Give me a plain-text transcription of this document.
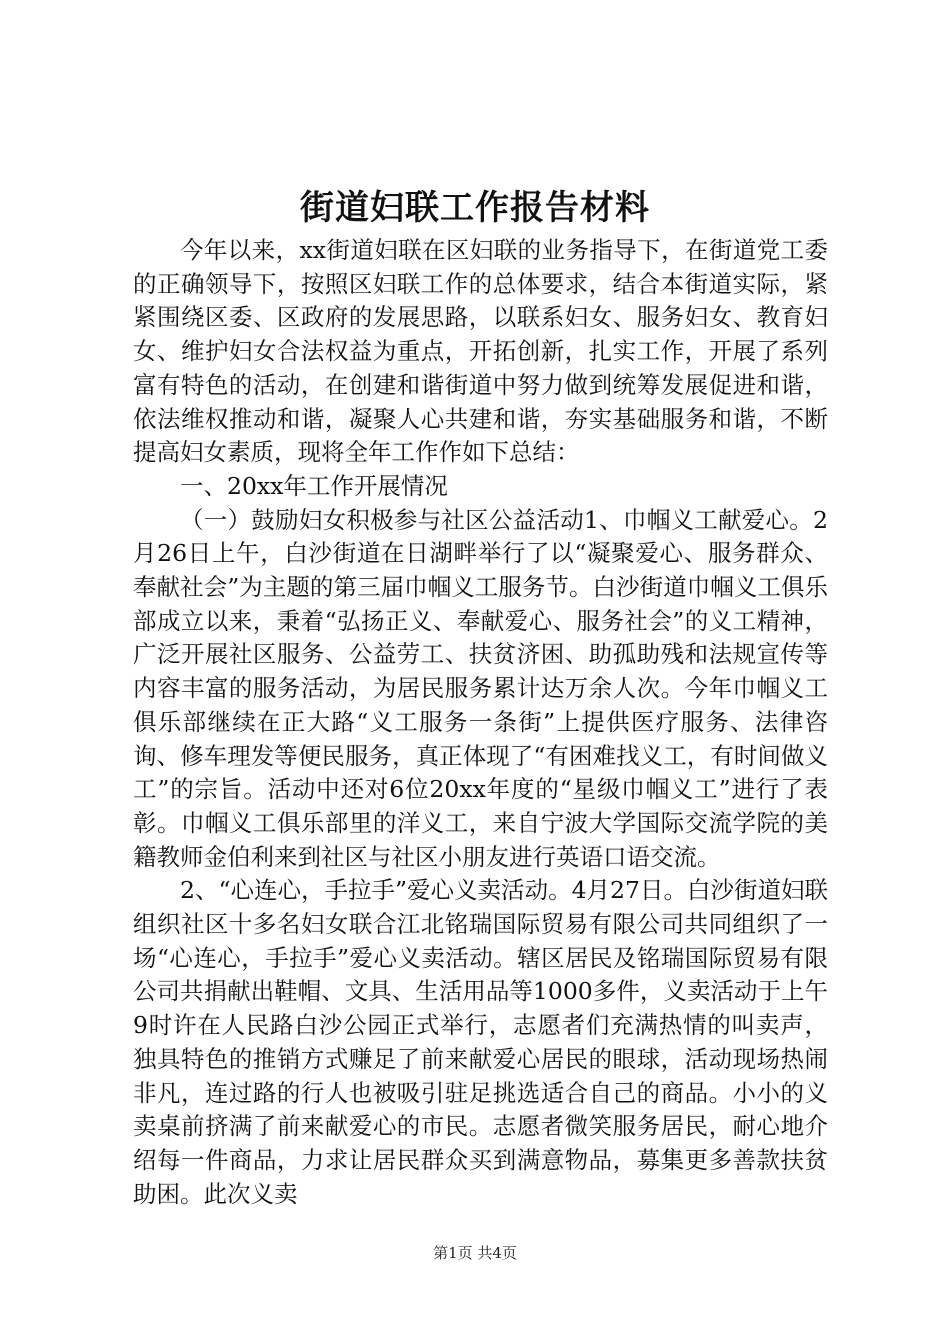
街道妇联工作报告材料

今年以来，xx街道妇联在区妇联的业务指导下，在街道党工委的正确领导下，按照区妇联工作的总体要求，结合本街道实际，紧紧围绕区委、区政府的发展思路，以联系妇女、服务妇女、教育妇女、维护妇女合法权益为重点，开拓创新，扎实工作，开展了系列富有特色的活动，在创建和谐街道中努力做到统筹发展促进和谐，依法维权推动和谐，凝聚人心共建和谐，夯实基础服务和谐，不断提高妇女素质，现将全年工作作如下总结：

一、20xx年工作开展情况

（一）鼓励妇女积极参与社区公益活动1、巾帼义工献爱心。2月26日上午，白沙街道在日湖畔举行了以“凝聚爱心、服务群众、奉献社会”为主题的第三届巾帼义工服务节。白沙街道巾帼义工俱乐部成立以来，秉着“弘扬正义、奉献爱心、服务社会”的义工精神，广泛开展社区服务、公益劳工、扶贫济困、助孤助残和法规宣传等内容丰富的服务活动，为居民服务累计达万余人次。今年巾帼义工俱乐部继续在正大路“义工服务一条街”上提供医疗服务、法律咨询、修车理发等便民服务，真正体现了“有困难找义工，有时间做义工”的宗旨。活动中还对6位20xx年度的“星级巾帼义工”进行了表彰。巾帼义工俱乐部里的洋义工，来自宁波大学国际交流学院的美籍教师金伯利来到社区与社区小朋友进行英语口语交流。

2、“心连心，手拉手”爱心义卖活动。4月27日。白沙街道妇联组织社区十多名妇女联合江北铭瑞国际贸易有限公司共同组织了一场“心连心，手拉手”爱心义卖活动。辖区居民及铭瑞国际贸易有限公司共捐献出鞋帽、文具、生活用品等1000多件，义卖活动于上午9时许在人民路白沙公园正式举行，志愿者们充满热情的叫卖声，独具特色的推销方式赚足了前来献爱心居民的眼球，活动现场热闹非凡，连过路的行人也被吸引驻足挑选适合自己的商品。小小的义卖桌前挤满了前来献爱心的市民。志愿者微笑服务居民，耐心地介绍每一件商品，力求让居民群众买到满意物品，募集更多善款扶贫助困。此次义卖

第1页 共4页
